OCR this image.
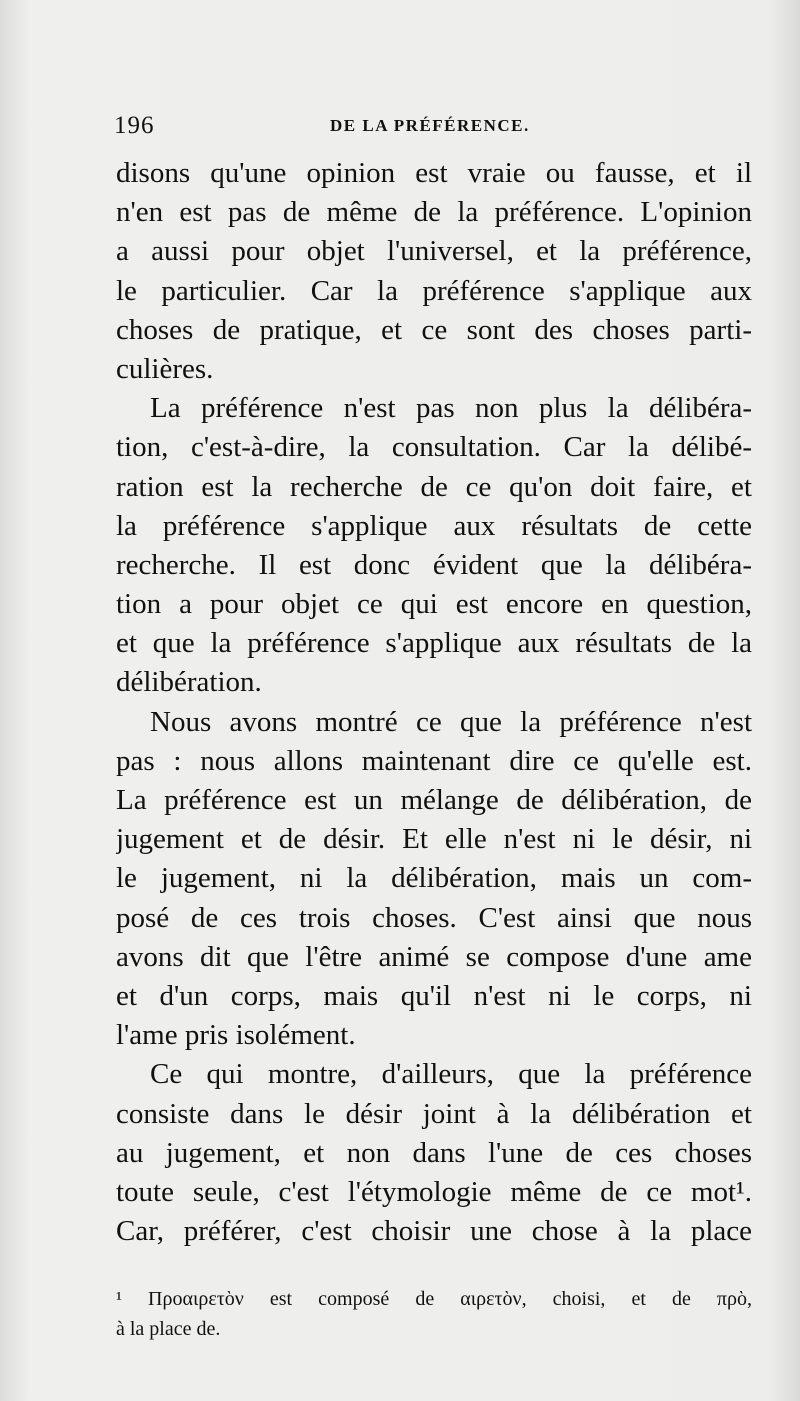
196	DE LA PRÉFÉRENCE.
disons qu'une opinion est vraie ou fausse, et il
n'en est pas de même de la préférence. L'opinion
a aussi pour objet l'universel, et la préférence,
le particulier. Car la préférence s'applique aux
choses de pratique, et ce sont des choses parti-
culières.
La préférence n'est pas non plus la délibéra-
tion, c'est-à-dire, la consultation. Car la délibé-
ration est la recherche de ce qu'on doit faire, et
la préférence s'applique aux résultats de cette
recherche. Il est donc évident que la délibéra-
tion a pour objet ce qui est encore en question,
et que la préférence s'applique aux résultats de la
délibération.
Nous avons montré ce que la préférence n'est
pas : nous allons maintenant dire ce qu'elle est.
La préférence est un mélange de délibération, de
jugement et de désir. Et elle n'est ni le désir, ni
le jugement, ni la délibération, mais un com-
posé de ces trois choses. C'est ainsi que nous
avons dit que l'être animé se compose d'une ame
et d'un corps, mais qu'il n'est ni le corps, ni
l'ame pris isolément.
Ce qui montre, d'ailleurs, que la préférence
consiste dans le désir joint à la délibération et
au jugement, et non dans l'une de ces choses
toute seule, c'est l'étymologie même de ce mot¹.
Car, préférer, c'est choisir une chose à la place
¹ Προαιρετὸν est composé de αιρετὸν, choisi, et de πρὸ,
à la place de.
